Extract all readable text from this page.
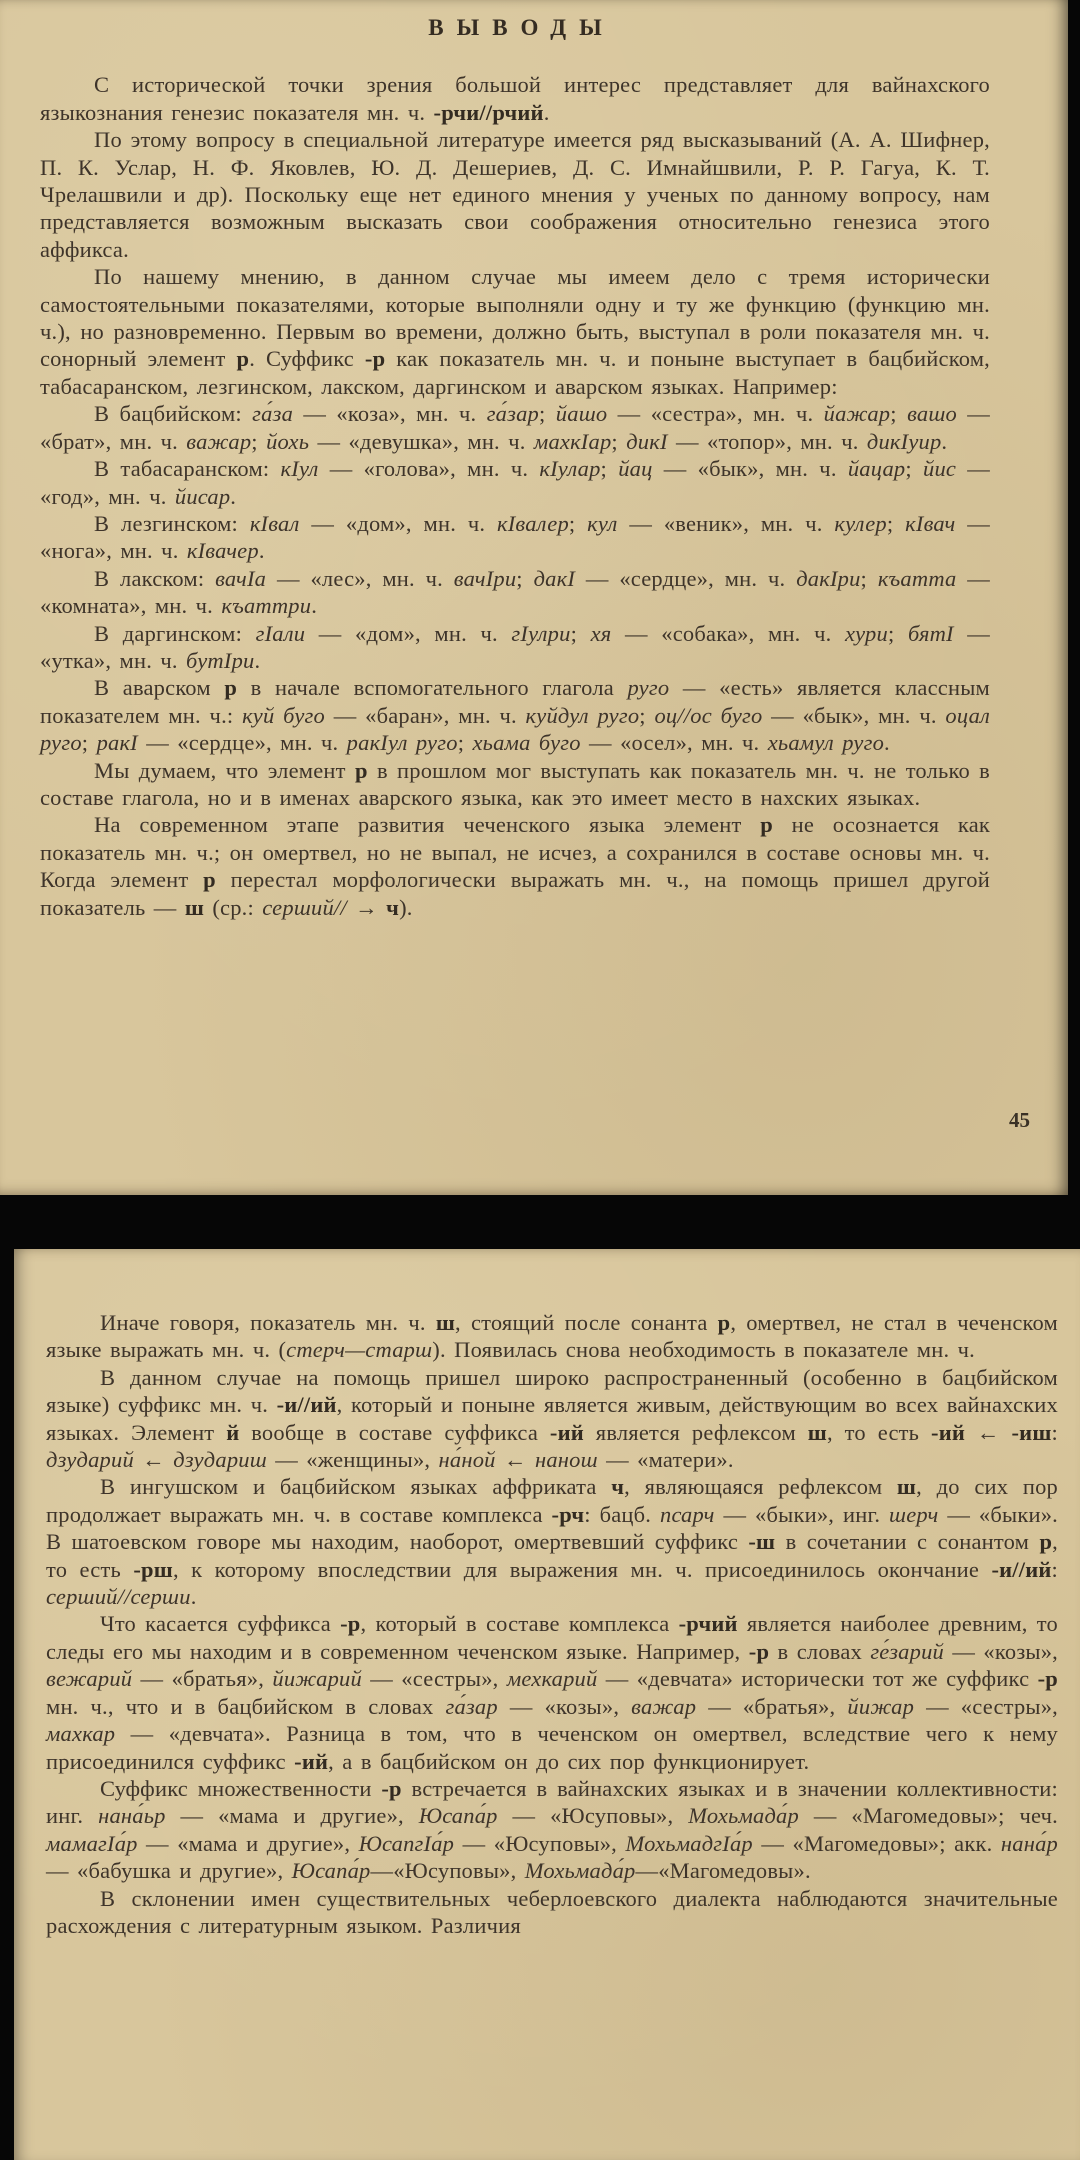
ВЫВОДЫ

С исторической точки зрения большой интерес представляет для вайнахского языкознания генезис показателя мн. ч. -рчи//рчий.

По этому вопросу в специальной литературе имеется ряд высказываний (А. А. Шифнер, П. К. Услар, Н. Ф. Яковлев, Ю. Д. Дешериев, Д. С. Имнайшвили, Р. Р. Гагуа, К. Т. Чрелашвили и др). Поскольку еще нет единого мнения у ученых по данному вопросу, нам представляется возможным высказать свои соображения относительно генезиса этого аффикса.

По нашему мнению, в данном случае мы имеем дело с тремя исторически самостоятельными показателями, которые выполняли одну и ту же функцию (функцию мн. ч.), но разновременно. Первым во времени, должно быть, выступал в роли показателя мн. ч. сонорный элемент р. Суффикс -р как показатель мн. ч. и поныне выступает в бацбийском, табасаранском, лезгинском, лакском, даргинском и аварском языках. Например:

В бацбийском: га́за — «коза», мн. ч. га́зар; йашо — «сестра», мн. ч. йажар; вашо — «брат», мн. ч. важар; йохь — «девушка», мн. ч. махкIар; дикI — «топор», мн. ч. дикIуир.

В табасаранском: кIул — «голова», мн. ч. кIулар; йац — «бык», мн. ч. йацар; йис — «год», мн. ч. йисар.

В лезгинском: кIвал — «дом», мн. ч. кIвалер; кул — «веник», мн. ч. кулер; кIвач — «нога», мн. ч. кIвачер.

В лакском: вачIа — «лес», мн. ч. вачIри; дакI — «сердце», мн. ч. дакIри; къатта — «комната», мн. ч. къаттри.

В даргинском: гIали — «дом», мн. ч. гIулри; хя — «собака», мн. ч. хури; бятI — «утка», мн. ч. бутIри.

В аварском р в начале вспомогательного глагола руго — «есть» является классным показателем мн. ч.: куй буго — «баран», мн. ч. куйдул руго; оц//ос буго — «бык», мн. ч. оцал руго; ракI — «сердце», мн. ч. ракIул руго; хьама буго — «осел», мн. ч. хьамул руго.

Мы думаем, что элемент р в прошлом мог выступать как показатель мн. ч. не только в составе глагола, но и в именах аварского языка, как это имеет место в нахских языках.

На современном этапе развития чеченского языка элемент р не осознается как показатель мн. ч.; он омертвел, но не выпал, не исчез, а сохранился в составе основы мн. ч. Когда элемент р перестал морфологически выражать мн. ч., на помощь пришел другой показатель — ш (ср.: серший// → ч).

45

Иначе говоря, показатель мн. ч. ш, стоящий после сонанта р, омертвел, не стал в чеченском языке выражать мн. ч. (стерч—старш). Появилась снова необходимость в показателе мн. ч.

В данном случае на помощь пришел широко распространенный (особенно в бацбийском языке) суффикс мн. ч. -и//ий, который и поныне является живым, действующим во всех вайнахских языках. Элемент й вообще в составе суффикса -ий является рефлексом ш, то есть -ий ← -иш: дзударий ← дзудариш — «женщины», на́ной ← нанош — «матери».

В ингушском и бацбийском языках аффриката ч, являющаяся рефлексом ш, до сих пор продолжает выражать мн. ч. в составе комплекса -рч: бацб. псарч — «быки», инг. шерч — «быки». В шатоевском говоре мы находим, наоборот, омертвевший суффикс -ш в сочетании с сонантом р, то есть -рш, к которому впоследствии для выражения мн. ч. присоединилось окончание -и//ий: серший//серши.

Что касается суффикса -р, который в составе комплекса -рчий является наиболее древним, то следы его мы находим и в современном чеченском языке. Например, -р в словах ге́зарий — «козы», вежарий — «братья», йижарий — «сестры», мехкарий — «девчата» исторически тот же суффикс -р мн. ч., что и в бацбийском в словах га́зар — «козы», важар — «братья», йижар — «сестры», махкар — «девчата». Разница в том, что в чеченском он омертвел, вследствие чего к нему присоединился суффикс -ий, а в бацбийском он до сих пор функционирует.

Суффикс множественности -р встречается в вайнахских языках и в значении коллективности: инг. нана́ьр — «мама и другие», Юсапа́р — «Юсуповы», Мохьмада́р — «Магомедовы»; чеч. мамагIа́р — «мама и другие», ЮсапгIа́р — «Юсуповы», МохьмадгIа́р — «Магомедовы»; акк. нана́р — «бабушка и другие», Юсапа́р—«Юсуповы», Мохьмада́р—«Магомедовы».

В склонении имен существительных чеберлоевского диалекта наблюдаются значительные расхождения с литературным языком. Различия
